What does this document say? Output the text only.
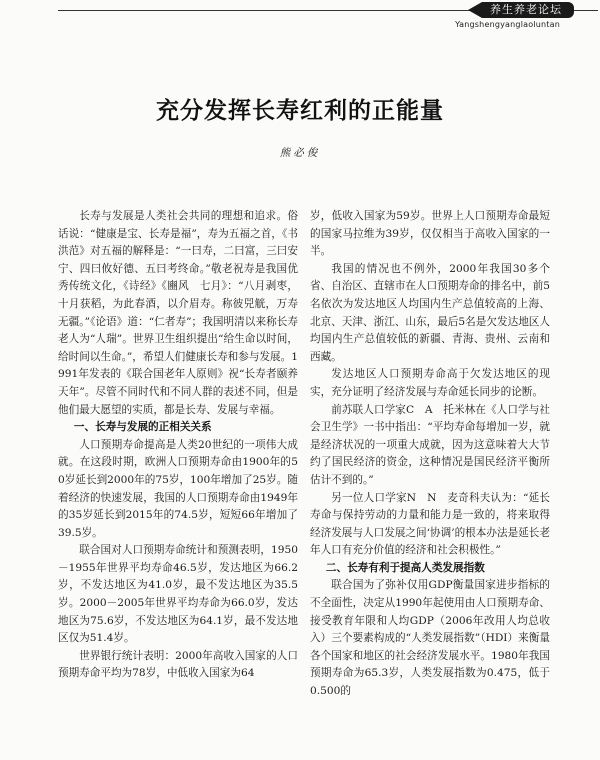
养生养老论坛
Yangshengyanglaoluntan
充分发挥长寿红利的正能量
熊必俊

长寿与发展是人类社会共同的理想和追求。俗话说：“健康是宝、长寿是福”，寿为五福之首，《书　洪范》对五福的解释是：“一曰寿，二曰富，三曰安宁、四曰攸好德、五曰考终命。”敬老祝寿是我国优秀传统文化，《诗经》《豳风　七月》：“八月剥枣，十月获稻，为此春酒，以介眉寿。称彼兕觥，万寿无疆。”《论语》道：“仁者寿”；我国明清以来称长寿老人为“人瑞”。世界卫生组织提出“给生命以时间，给时间以生命。”，希望人们健康长寿和参与发展。1991年发表的《联合国老年人原则》祝“长寿者颐养天年”。尽管不同时代和不同人群的表述不同，但是他们最大愿望的实质，都是长寿、发展与幸福。

一、长寿与发展的正相关关系

人口预期寿命提高是人类20世纪的一项伟大成就。在这段时期，欧洲人口预期寿命由1900年的50岁延长到2000年的75岁，100年增加了25岁。随着经济的快速发展，我国的人口预期寿命由1949年的35岁延长到2015年的74.5岁，短短66年增加了39.5岁。

联合国对人口预期寿命统计和预测表明，1950－1955年世界平均寿命46.5岁，发达地区为66.2岁，不发达地区为41.0岁，最不发达地区为35.5岁。2000－2005年世界平均寿命为66.0岁，发达地区为75.6岁，不发达地区为64.1岁，最不发达地区仅为51.4岁。

世界银行统计表明：2000年高收入国家的人口预期寿命平均为78岁，中低收入国家为64

岁，低收入国家为59岁。世界上人口预期寿命最短的国家马拉维为39岁，仅仅相当于高收入国家的一半。

我国的情况也不例外，2000年我国30多个省、自治区、直辖市在人口预期寿命的排名中，前5名依次为发达地区人均国内生产总值较高的上海、北京、天津、浙江、山东，最后5名是欠发达地区人均国内生产总值较低的新疆、青海、贵州、云南和西藏。

发达地区人口预期寿命高于欠发达地区的现实，充分证明了经济发展与寿命延长同步的论断。

前苏联人口学家C　A　托米林在《人口学与社会卫生学》一书中指出：“平均寿命每增加一岁，就是经济状况的一项重大成就，因为这意味着大大节约了国民经济的资金，这种情况是国民经济平衡所估计不到的。”

另一位人口学家N　N　麦奇科夫认为：“延长寿命与保持劳动的力量和能力是一致的，将来取得经济发展与人口发展之间‘协调’的根本办法是延长老年人口有充分价值的经济和社会积极性。”

二、长寿有利于提高人类发展指数

联合国为了弥补仅用GDP衡量国家进步指标的不全面性，决定从1990年起使用由人口预期寿命、接受教育年限和人均GDP（2006年改用人均总收入）三个要素构成的“人类发展指数”（HDI）来衡量各个国家和地区的社会经济发展水平。1980年我国预期寿命为65.3岁，人类发展指数为0.475，低于0.500的
